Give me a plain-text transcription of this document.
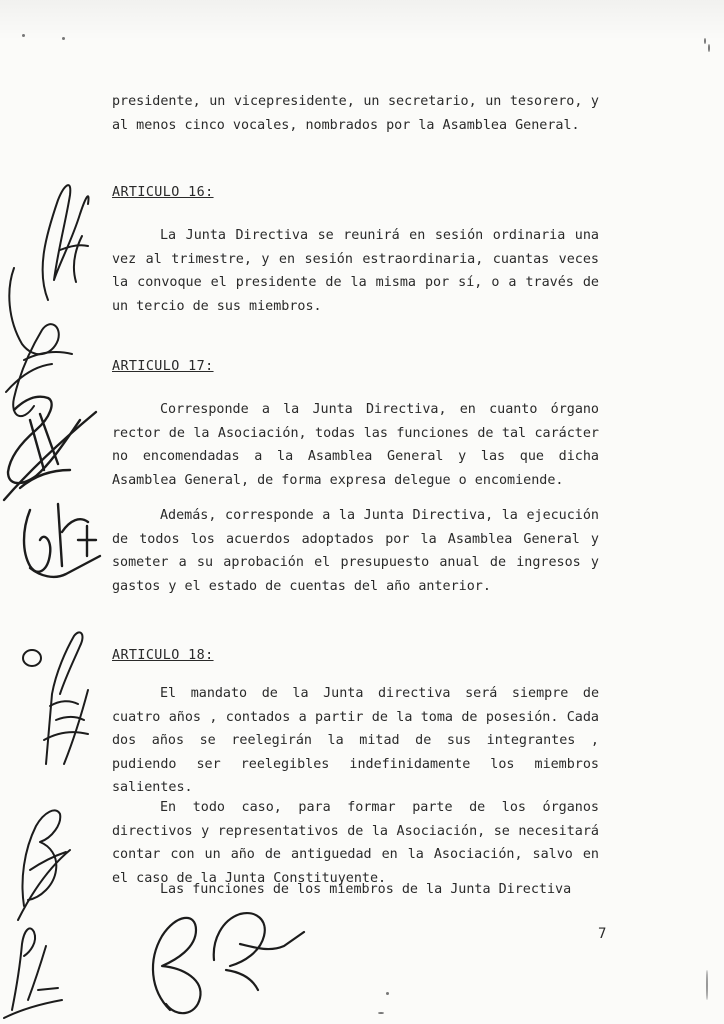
presidente, un vicepresidente, un secretario, un tesorero, y al menos cinco vocales, nombrados por la Asamblea General.

ARTICULO 16:

La Junta Directiva se reunirá en sesión ordinaria una vez al trimestre, y en sesión estraordinaria, cuantas veces la convoque el presidente de la misma por sí, o a través de un tercio de sus miembros.

ARTICULO 17:

Corresponde a la Junta Directiva, en cuanto órgano rector de la Asociación, todas las funciones de tal carácter no encomendadas a la Asamblea General y las que dicha Asamblea General, de forma expresa delegue o encomiende.

Además, corresponde a la Junta Directiva, la ejecución de todos los acuerdos adoptados por la Asamblea General y someter a su aprobación el presupuesto anual de ingresos y gastos y el estado de cuentas del año anterior.

ARTICULO 18:

El mandato de la Junta directiva será siempre de cuatro años , contados a partir de la toma de posesión. Cada dos años se reelegirán la mitad de sus integrantes , pudiendo ser reelegibles indefinidamente los miembros salientes.

En todo caso, para formar parte de los órganos directivos y representativos de la Asociación, se necesitará contar con un año de antiguedad en la Asociación, salvo en el caso de la Junta Constituyente.

Las funciones de los miembros de la Junta Directiva

7
